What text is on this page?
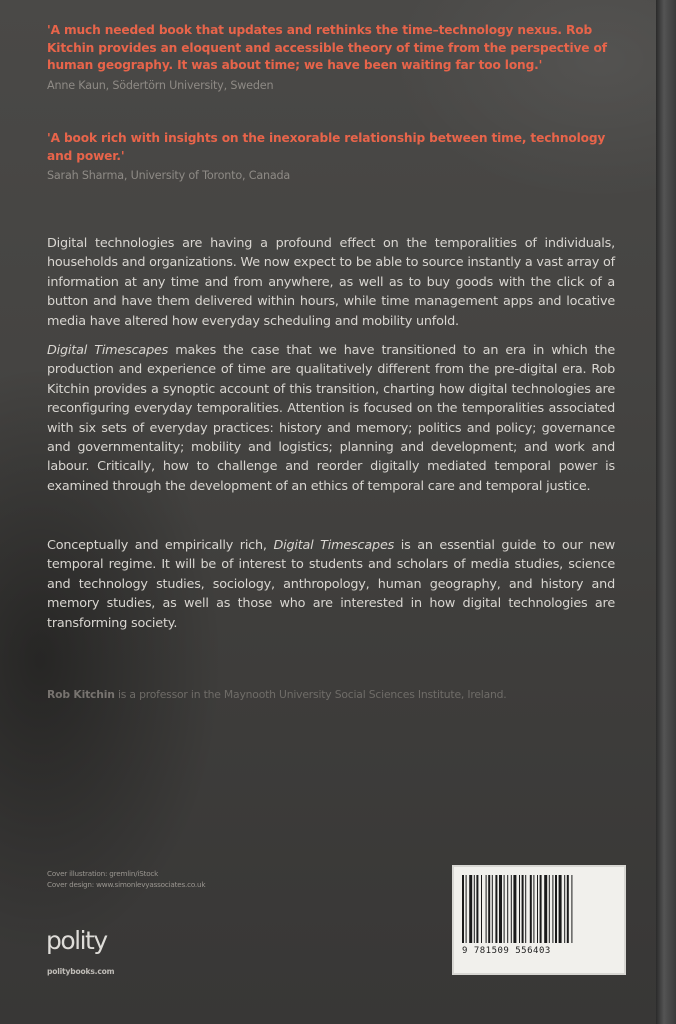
'A much needed book that updates and rethinks the time–technology nexus. Rob Kitchin provides an eloquent and accessible theory of time from the perspective of human geography. It was about time; we have been waiting far too long.'
Anne Kaun, Södertörn University, Sweden
'A book rich with insights on the inexorable relationship between time, technology and power.'
Sarah Sharma, University of Toronto, Canada

Digital technologies are having a profound effect on the temporalities of individuals, households and organizations. We now expect to be able to source instantly a vast array of information at any time and from anywhere, as well as to buy goods with the click of a button and have them delivered within hours, while time management apps and locative media have altered how everyday scheduling and mobility unfold.

Digital Timescapes makes the case that we have transitioned to an era in which the production and experience of time are qualitatively different from the pre-digital era. Rob Kitchin provides a synoptic account of this transition, charting how digital technologies are reconfiguring everyday temporalities. Attention is focused on the temporalities associated with six sets of everyday practices: history and memory; politics and policy; governance and governmentality; mobility and logistics; planning and development; and work and labour. Critically, how to challenge and reorder digitally mediated temporal power is examined through the development of an ethics of temporal care and temporal justice.

Conceptually and empirically rich, Digital Timescapes is an essential guide to our new temporal regime. It will be of interest to students and scholars of media studies, science and technology studies, sociology, anthropology, human geography, and history and memory studies, as well as those who are interested in how digital technologies are transforming society.

Rob Kitchin is a professor in the Maynooth University Social Sciences Institute, Ireland.
Cover illustration: gremlin/iStock
Cover design: www.simonlevyassociates.co.uk
polity
politybooks.com
9 781509 556403
